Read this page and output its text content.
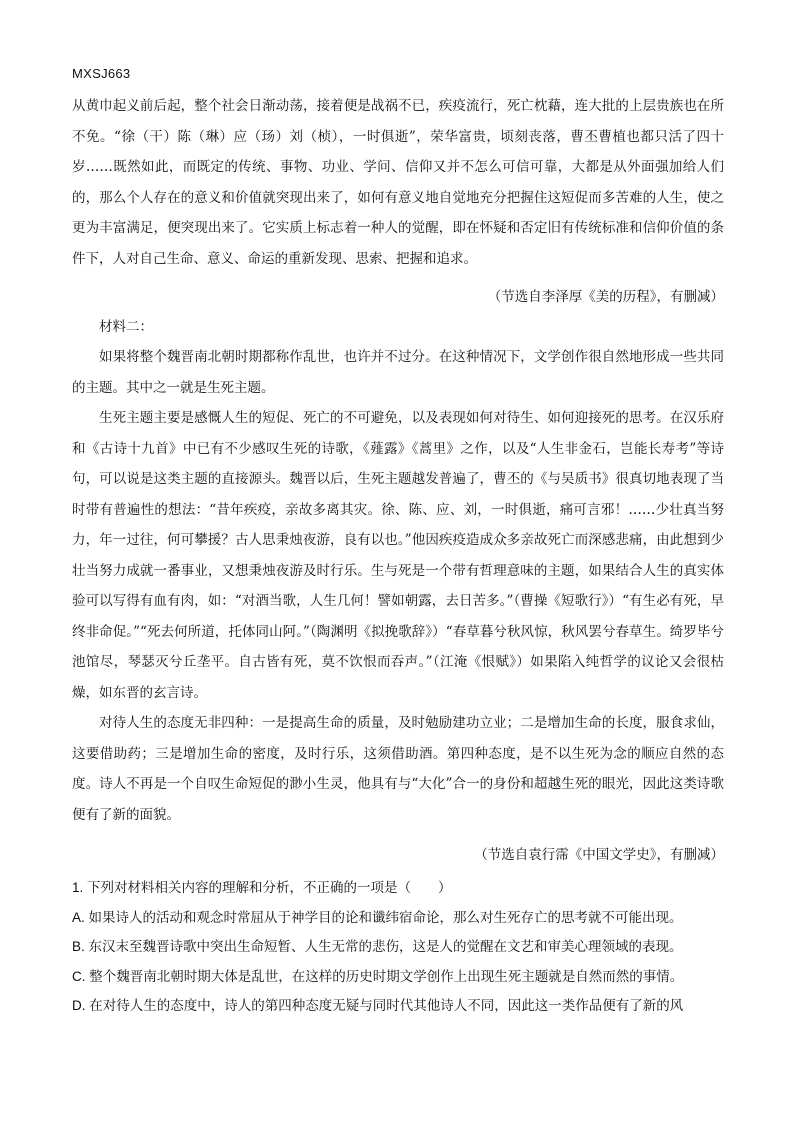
MXSJ663

从黄巾起义前后起，整个社会日渐动荡，接着便是战祸不已，疾疫流行，死亡枕藉，连大批的上层贵族也在所不免。“徐（干）陈（琳）应（玚）刘（桢），一时俱逝”，荣华富贵，顷刻丧落，曹丕曹植也都只活了四十岁……既然如此，而既定的传统、事物、功业、学问、信仰又并不怎么可信可靠，大都是从外面强加给人们的，那么个人存在的意义和价值就突现出来了，如何有意义地自觉地充分把握住这短促而多苦难的人生，使之更为丰富满足，便突现出来了。它实质上标志着一种人的觉醒，即在怀疑和否定旧有传统标准和信仰价值的条件下，人对自己生命、意义、命运的重新发现、思索、把握和追求。

（节选自李泽厚《美的历程》，有删减）

材料二：

如果将整个魏晋南北朝时期都称作乱世，也许并不过分。在这种情况下，文学创作很自然地形成一些共同的主题。其中之一就是生死主题。

生死主题主要是感慨人生的短促、死亡的不可避免，以及表现如何对待生、如何迎接死的思考。在汉乐府和《古诗十九首》中已有不少感叹生死的诗歌，《薤露》《蒿里》之作，以及“人生非金石，岂能长寿考”等诗句，可以说是这类主题的直接源头。魏晋以后，生死主题越发普遍了，曹丕的《与吴质书》很真切地表现了当时带有普遍性的想法：“昔年疾疫，亲故多离其灾。徐、陈、应、刘，一时俱逝，痛可言邪！……少壮真当努力，年一过往，何可攀援？古人思秉烛夜游，良有以也。”他因疾疫造成众多亲故死亡而深感悲痛，由此想到少壮当努力成就一番事业，又想秉烛夜游及时行乐。生与死是一个带有哲理意味的主题，如果结合人生的真实体验可以写得有血有肉，如：“对酒当歌，人生几何！譬如朝露，去日苦多。”（曹操《短歌行》）“有生必有死，早终非命促。”“死去何所道，托体同山阿。”（陶渊明《拟挽歌辞》）“春草暮兮秋风惊，秋风罢兮春草生。绮罗毕兮池馆尽，琴瑟灭兮丘垄平。自古皆有死，莫不饮恨而吞声。”（江淹《恨赋》）如果陷入纯哲学的议论又会很枯燥，如东晋的玄言诗。

对待人生的态度无非四种：一是提高生命的质量，及时勉励建功立业；二是增加生命的长度，服食求仙，这要借助药；三是增加生命的密度，及时行乐，这须借助酒。第四种态度，是不以生死为念的顺应自然的态度。诗人不再是一个自叹生命短促的渺小生灵，他具有与“大化”合一的身份和超越生死的眼光，因此这类诗歌便有了新的面貌。

（节选自袁行霈《中国文学史》，有删减）

1. 下列对材料相关内容的理解和分析，不正确的一项是（　　）

A. 如果诗人的活动和观念时常屈从于神学目的论和谶纬宿命论，那么对生死存亡的思考就不可能出现。

B. 东汉末至魏晋诗歌中突出生命短暂、人生无常的悲伤，这是人的觉醒在文艺和审美心理领域的表现。

C. 整个魏晋南北朝时期大体是乱世，在这样的历史时期文学创作上出现生死主题就是自然而然的事情。

D. 在对待人生的态度中，诗人的第四种态度无疑与同时代其他诗人不同，因此这一类作品便有了新的风
